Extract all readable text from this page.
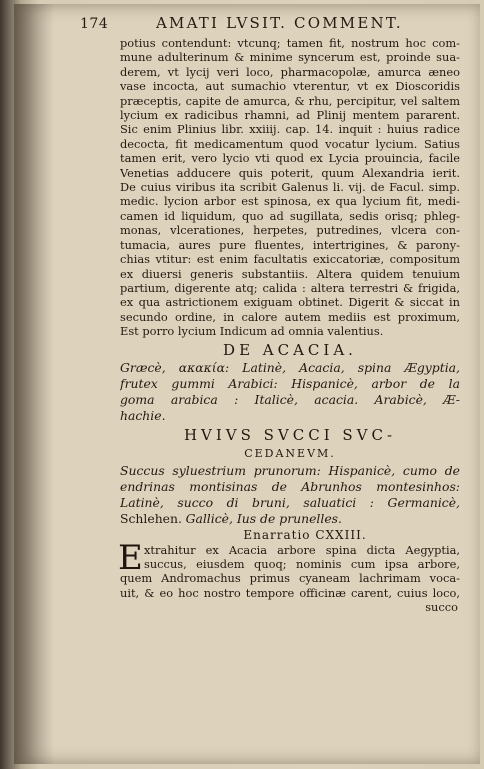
174	AMATI LVSIT. COMMENT.
potius contendunt: vtcunq; tamen fit, nostrum hoc com-
mune adulterinum & minime syncerum est, proinde sua-
derem, vt lycij veri loco, pharmacopolæ, amurca æneo
vase incocta, aut sumachio vterentur, vt ex Dioscoridis
præceptis, capite de amurca, & rhu, percipitur, vel saltem
lycium ex radicibus rhamni, ad Plinij mentem pararent.
Sic enim Plinius libr. xxiiij. cap. 14. inquit : huius radice
decocta, fit medicamentum quod vocatur lycium. Satius
tamen erit, vero lycio vti quod ex Lycia prouincia, facile
Venetias adducere quis poterit, quum Alexandria ierit.
De cuius viribus ita scribit Galenus li. vij. de Facul. simp.
medic. lycion arbor est spinosa, ex qua lycium fit, medi-
camen id liquidum, quo ad sugillata, sedis orisq; phleg-
monas, vlcerationes, herpetes, putredines, vlcera con-
tumacia, aures pure fluentes, intertrigines, & parony-
chias vtitur: est enim facultatis exiccatoriæ, compositum
ex diuersi generis substantiis. Altera quidem tenuium
partium, digerente atq; calida : altera terrestri & frigida,
ex qua astrictionem exiguam obtinet. Digerit & siccat in
secundo ordine, in calore autem mediis est proximum,
Est porro lycium Indicum ad omnia valentius.
DE ACACIA.
Græcè, ακακία: Latinè, Acacia, spina Ægyptia,
frutex gummi Arabici: Hispanicè, arbor de la
goma arabica : Italicè, acacia. Arabicè, Æ-
hachie.
HVIVS SVCCI SVC-
CEDANEVM.
Succus syluestrium prunorum: Hispanicè, cumo de
endrinas montisinas de Abrunhos montesinhos:
Latinè, succo di bruni, saluatici : Germanicè,
Schlehen. Gallicè, Ius de prunelles.
Enarratio CXXIII.
E xtrahitur ex Acacia arbore spina dicta Aegyptia,
succus, eiusdem quoq; nominis cum ipsa arbore,
quem Andromachus primus cyaneam lachrimam voca-
uit, & eo hoc nostro tempore officinæ carent, cuius loco,
succo
